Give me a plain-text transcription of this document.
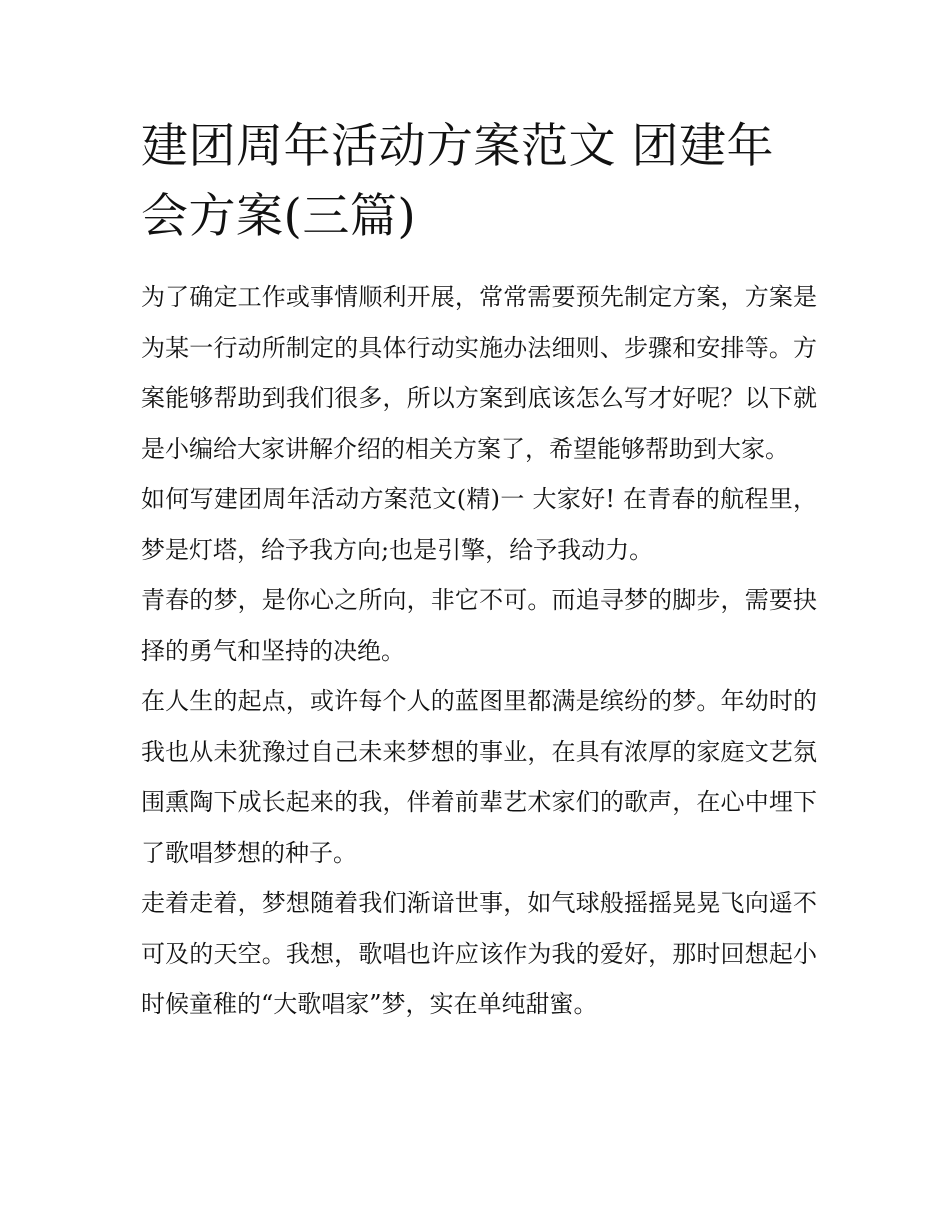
建团周年活动方案范文 团建年会方案(三篇)

为了确定工作或事情顺利开展，常常需要预先制定方案，方案是为某一行动所制定的具体行动实施办法细则、步骤和安排等。方案能够帮助到我们很多，所以方案到底该怎么写才好呢？以下就是小编给大家讲解介绍的相关方案了，希望能够帮助到大家。

如何写建团周年活动方案范文(精)一 大家好! 在青春的航程里，梦是灯塔，给予我方向;也是引擎，给予我动力。

青春的梦，是你心之所向，非它不可。而追寻梦的脚步，需要抉择的勇气和坚持的决绝。

在人生的起点，或许每个人的蓝图里都满是缤纷的梦。年幼时的我也从未犹豫过自己未来梦想的事业，在具有浓厚的家庭文艺氛围熏陶下成长起来的我，伴着前辈艺术家们的歌声，在心中埋下了歌唱梦想的种子。

走着走着，梦想随着我们渐谙世事，如气球般摇摇晃晃飞向遥不可及的天空。我想，歌唱也许应该作为我的爱好，那时回想起小时候童稚的“大歌唱家”梦，实在单纯甜蜜。
